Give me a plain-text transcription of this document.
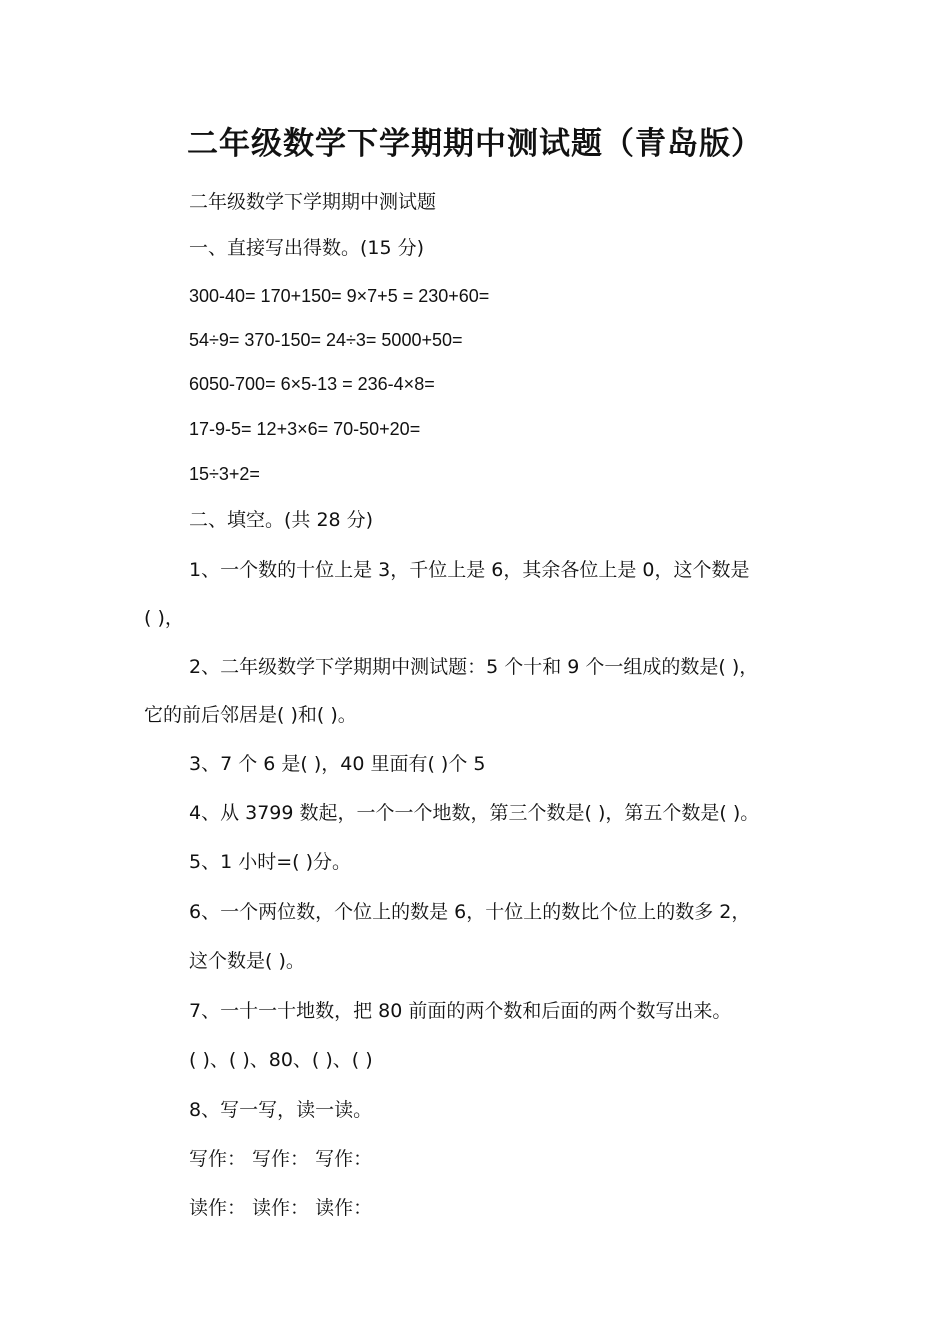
二年级数学下学期期中测试题（青岛版）
二年级数学下学期期中测试题
一、直接写出得数。(15 分)
300-40= 170+150= 9×7+5 = 230+60=
54÷9= 370-150= 24÷3= 5000+50=
6050-700= 6×5-13 = 236-4×8=
17-9-5= 12+3×6= 70-50+20=
15÷3+2=
二、填空。(共 28 分)
1、一个数的十位上是 3，千位上是 6，其余各位上是 0，这个数是
( )，
2、二年级数学下学期期中测试题：5 个十和 9 个一组成的数是( )，
它的前后邻居是( )和( )。
3、7 个 6 是( )，40 里面有( )个 5
4、从 3799 数起，一个一个地数，第三个数是( )，第五个数是( )。
5、1 小时=( )分。
6、一个两位数，个位上的数是 6，十位上的数比个位上的数多 2，
这个数是( )。
7、一十一十地数，把 80 前面的两个数和后面的两个数写出来。
( )、( )、80、( )、( )
8、写一写，读一读。
写作： 写作： 写作：
读作： 读作： 读作：
